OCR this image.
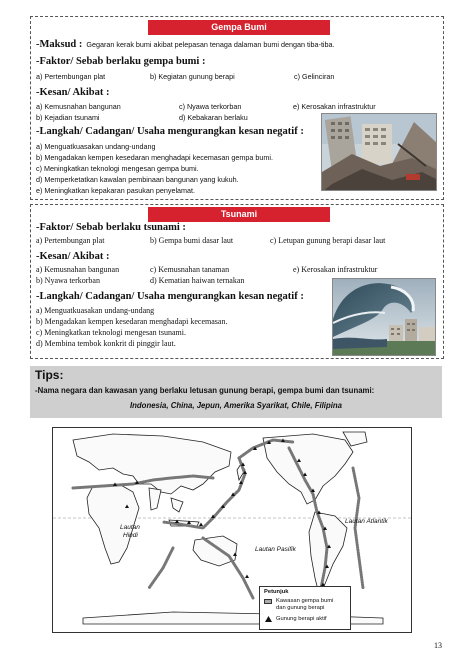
Gempa Bumi
-Maksud : Gegaran kerak bumi akibat pelepasan tenaga dalaman bumi dengan tiba-tiba.
-Faktor/ Sebab berlaku gempa bumi :
a) Pertembungan plat	b) Kegiatan gunung berapi	c) Gelinciran
-Kesan/ Akibat :
a) Kemusnahan bangunan	c) Nyawa terkorban	e) Kerosakan infrastruktur
b) Kejadian tsunami	d) Kebakaran berlaku
-Langkah/ Cadangan/ Usaha mengurangkan kesan negatif :
a) Menguatkuasakan undang-undang
b) Mengadakan kempen kesedaran menghadapi kecemasan gempa bumi.
c) Meningkatkan teknologi mengesan gempa bumi.
d) Memperketatkan kawalan pembinaan bangunan yang kukuh.
e) Meningkatkan kepakaran pasukan penyelamat.
Tsunami
-Faktor/ Sebab berlaku tsunami :
a) Pertembungan plat	b) Gempa bumi dasar laut	c) Letupan gunung berapi dasar laut
-Kesan/ Akibat :
a) Kemusnahan bangunan	c) Kemusnahan tanaman	e) Kerosakan infrastruktur
b) Nyawa terkorban	d) Kematian haiwan ternakan
-Langkah/ Cadangan/ Usaha mengurangkan kesan negatif :
a) Menguatkuasakan undang-undang
b) Mengadakan kempen kesedaran menghadapi kecemasan.
c) Meningkatkan teknologi mengesan tsunami.
d) Membina tembok konkrit di pinggir laut.
Tips:
-Nama negara dan kawasan yang berlaku letusan gunung berapi, gempa bumi dan tsunami:
Indonesia, China, Jepun, Amerika Syarikat, Chile, Filipina
Lautan Atlantik
Lautan
Hindi
Lautan Pasifik
Petunjuk
Kawasan gempa bumi
dan gunung berapi
Gunung berapi aktif
13
